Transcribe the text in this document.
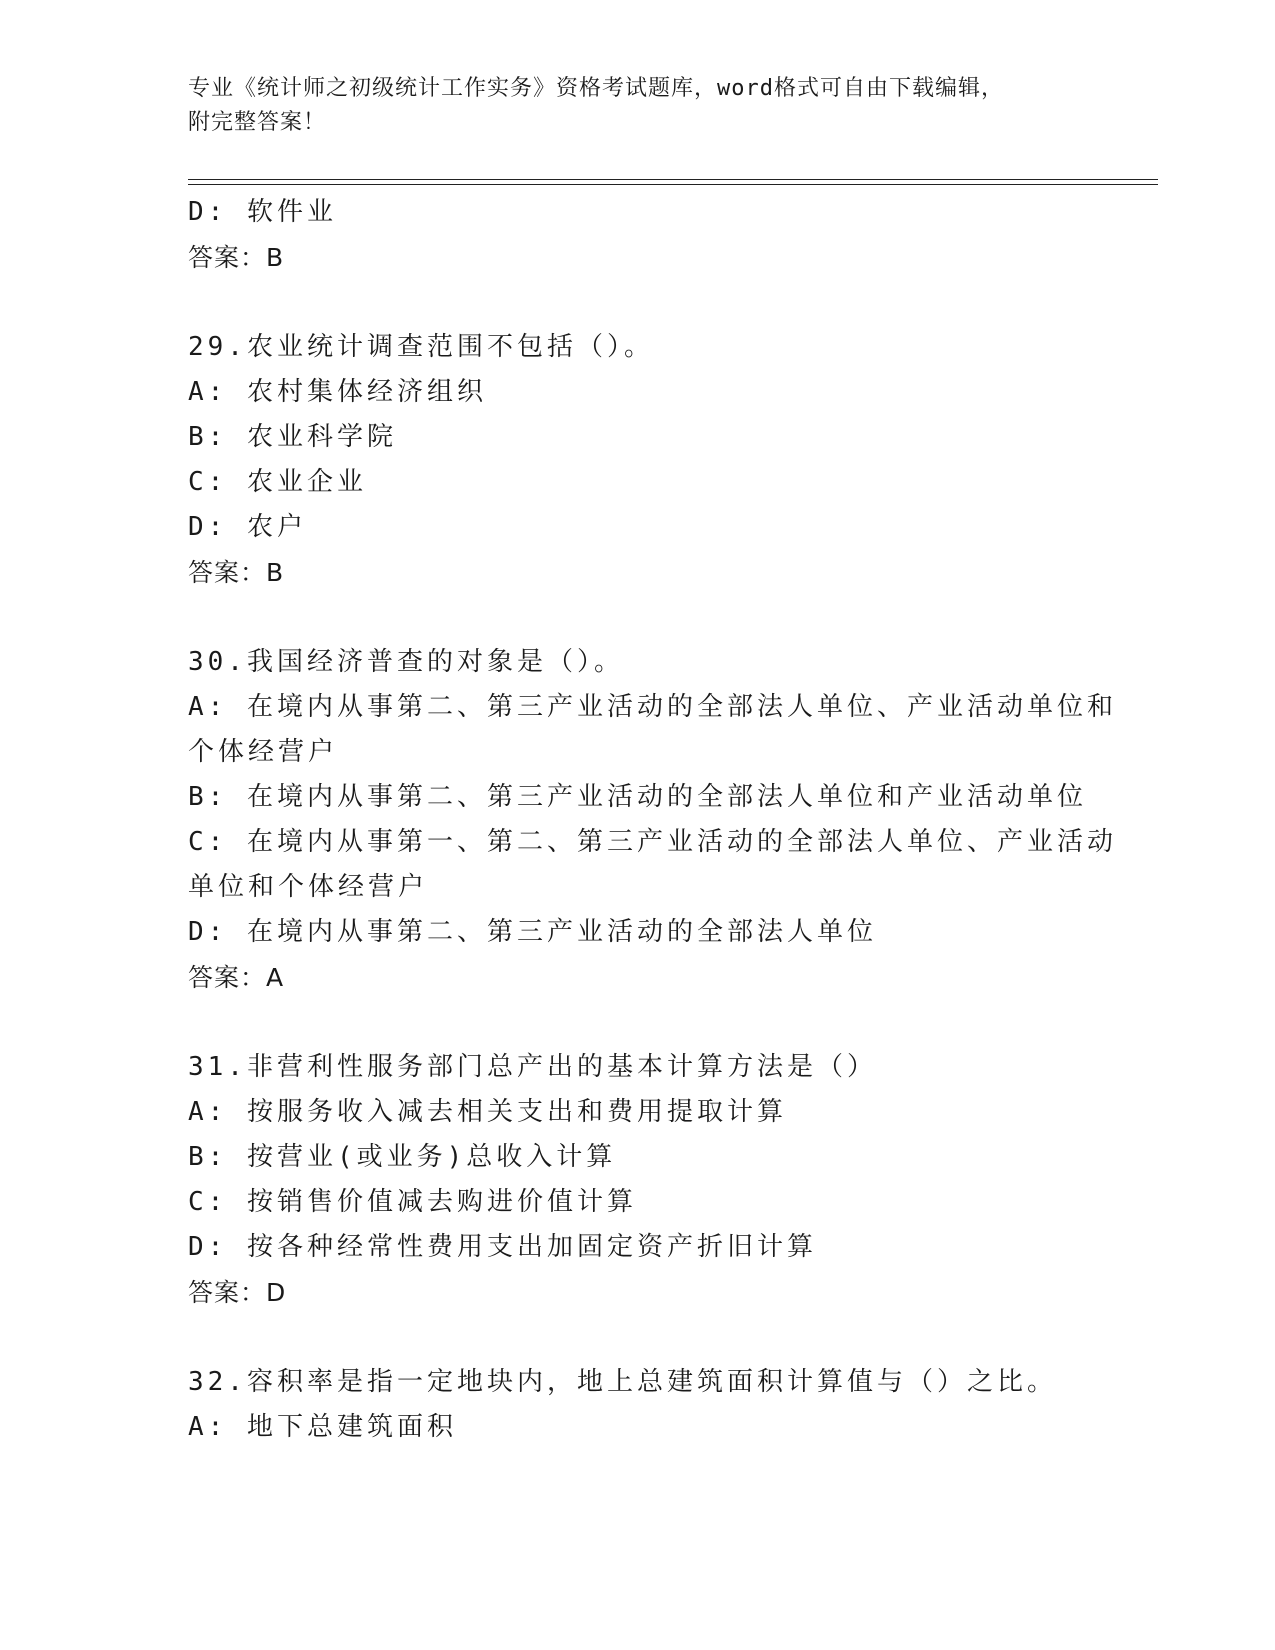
专业《统计师之初级统计工作实务》资格考试题库，word格式可自由下载编辑，
附完整答案！
D: 软件业
答案：B
29.农业统计调查范围不包括（）。
A: 农村集体经济组织
B: 农业科学院
C: 农业企业
D: 农户
答案：B
30.我国经济普查的对象是（）。
A: 在境内从事第二、第三产业活动的全部法人单位、产业活动单位和
个体经营户
B: 在境内从事第二、第三产业活动的全部法人单位和产业活动单位
C: 在境内从事第一、第二、第三产业活动的全部法人单位、产业活动
单位和个体经营户
D: 在境内从事第二、第三产业活动的全部法人单位
答案：A
31.非营利性服务部门总产出的基本计算方法是（）
A: 按服务收入减去相关支出和费用提取计算
B: 按营业(或业务)总收入计算
C: 按销售价值减去购进价值计算
D: 按各种经常性费用支出加固定资产折旧计算
答案：D
32.容积率是指一定地块内，地上总建筑面积计算值与（）之比。
A: 地下总建筑面积
